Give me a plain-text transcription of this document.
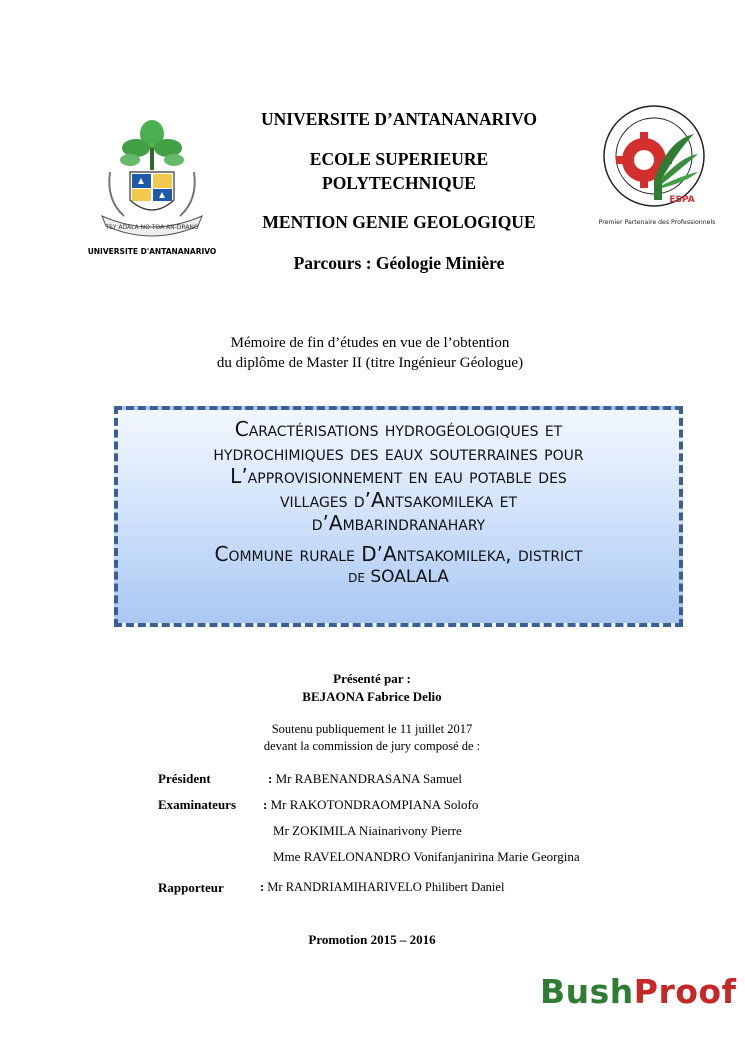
TSY ADALA NO TOA AN-DRANO
UNIVERSITE D'ANTANANARIVO
ESPA
Premier Partenaire des Professionnels
UNIVERSITE D’ANTANANARIVO
ECOLE SUPERIEURE
POLYTECHNIQUE
MENTION GENIE GEOLOGIQUE
Parcours : Géologie Minière
Mémoire de fin d’études en vue de l’obtention
du diplôme de Master II (titre Ingénieur Géologue)
Caractérisations hydrogéologiques et
hydrochimiques des eaux souterraines pour
L’approvisionnement en eau potable des
villages d’Antsakomileka et
d’Ambarindranahary
Commune rurale D’Antsakomileka, district
de SOALALA
Présenté par :
BEJAONA Fabrice Delio
Soutenu publiquement le 11 juillet 2017
devant la commission de jury composé de :
Président	: Mr RABENANDRASANA Samuel
Examinateurs : Mr RAKOTONDRAOMPIANA Solofo
Mr ZOKIMILA Niainarivony Pierre
Mme RAVELONANDRO Vonifanjanirina Marie Georgina
Rapporteur	: Mr RANDRIAMIHARIVELO Philibert Daniel
Promotion 2015 – 2016
BushProof
